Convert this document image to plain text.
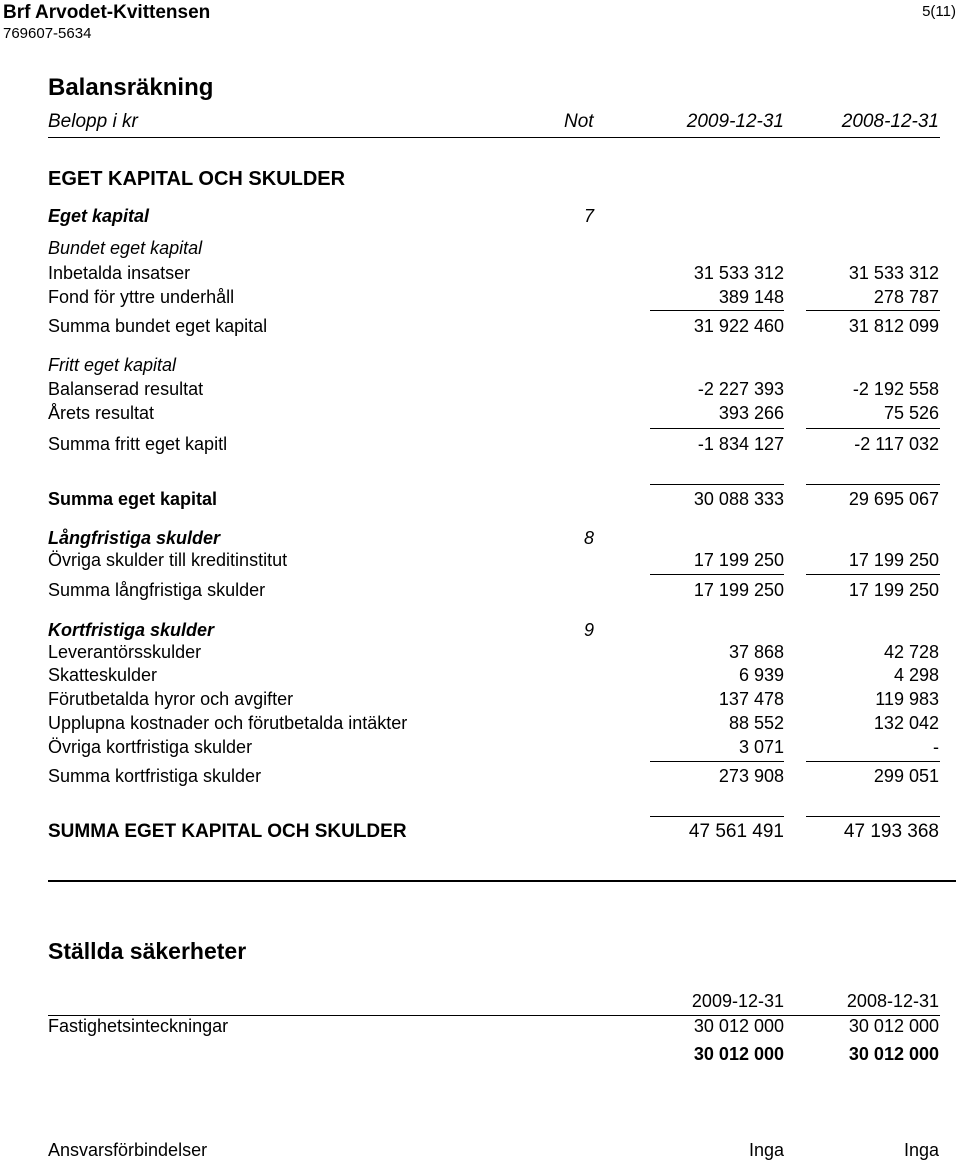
Brf Arvodet-Kvittensen
769607-5634
5(11)
Balansräkning
Belopp i kr	Not	2009-12-31	2008-12-31
EGET KAPITAL OCH SKULDER
Eget kapital	7
Bundet eget kapital
Inbetalda insatser	31 533 312	31 533 312
Fond för yttre underhåll	389 148	278 787
Summa bundet eget kapital	31 922 460	31 812 099
Fritt eget kapital
Balanserad resultat	-2 227 393	-2 192 558
Årets resultat	393 266	75 526
Summa fritt eget kapitl	-1 834 127	-2 117 032
Summa eget kapital	30 088 333	29 695 067
Långfristiga skulder	8
Övriga skulder till kreditinstitut	17 199 250	17 199 250
Summa långfristiga skulder	17 199 250	17 199 250
Kortfristiga skulder	9
Leverantörsskulder	37 868	42 728
Skatteskulder	6 939	4 298
Förutbetalda hyror och avgifter	137 478	119 983
Upplupna kostnader och förutbetalda intäkter	88 552	132 042
Övriga kortfristiga skulder	3 071	-
Summa kortfristiga skulder	273 908	299 051
SUMMA EGET KAPITAL OCH SKULDER	47 561 491	47 193 368
Ställda säkerheter
2009-12-31	2008-12-31
Fastighetsinteckningar	30 012 000	30 012 000
30 012 000	30 012 000
Ansvarsförbindelser	Inga	Inga
